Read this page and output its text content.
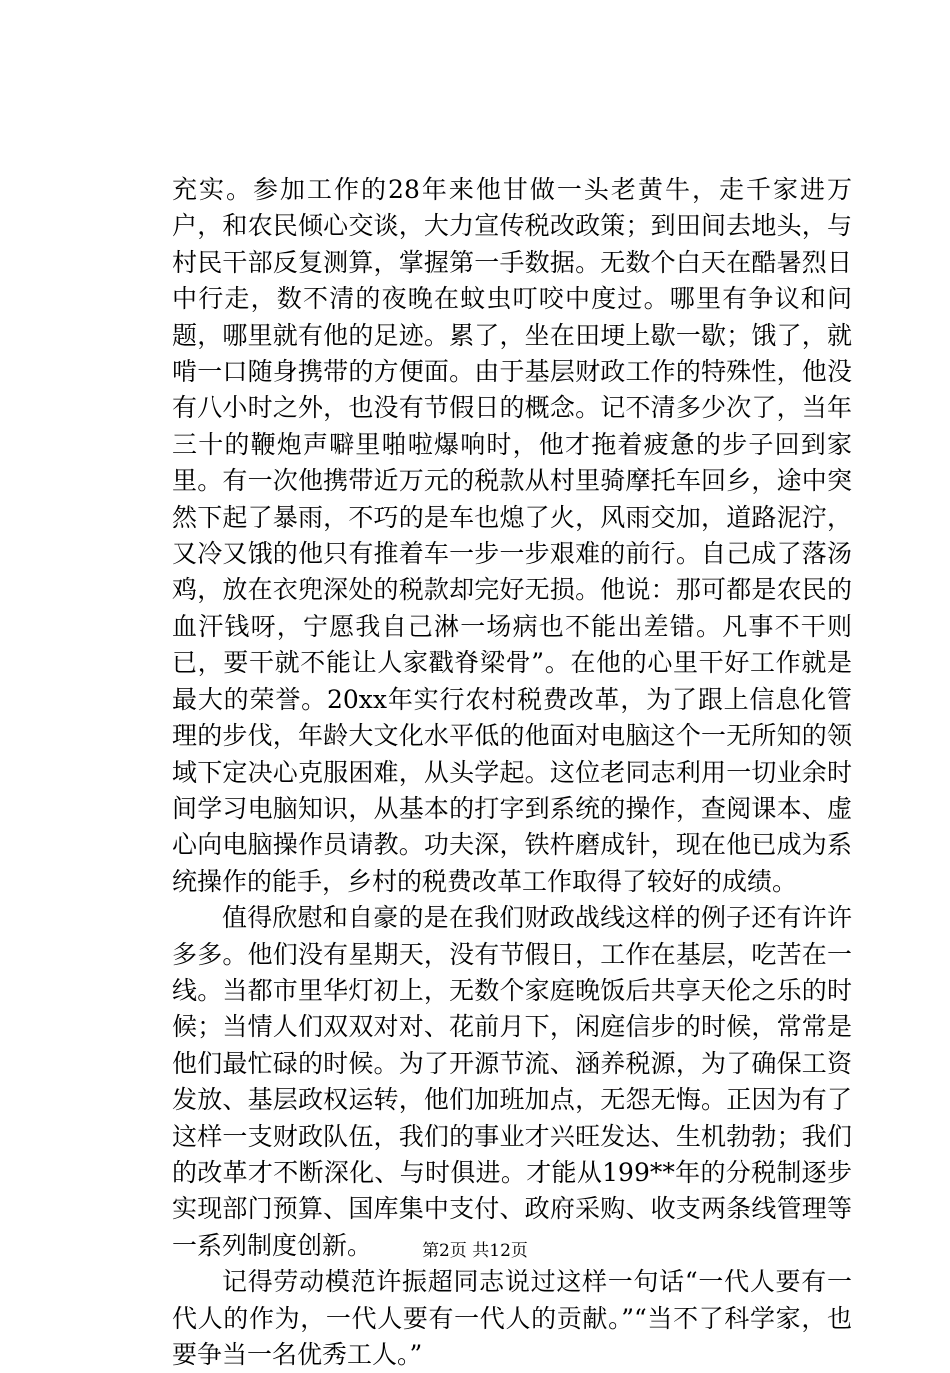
充实。参加工作的28年来他甘做一头老黄牛，走千家进万户，和农民倾心交谈，大力宣传税改政策；到田间去地头，与村民干部反复测算，掌握第一手数据。无数个白天在酷暑烈日中行走，数不清的夜晚在蚊虫叮咬中度过。哪里有争议和问题，哪里就有他的足迹。累了，坐在田埂上歇一歇；饿了，就啃一口随身携带的方便面。由于基层财政工作的特殊性，他没有八小时之外，也没有节假日的概念。记不清多少次了，当年三十的鞭炮声噼里啪啦爆响时，他才拖着疲惫的步子回到家里。有一次他携带近万元的税款从村里骑摩托车回乡，途中突然下起了暴雨，不巧的是车也熄了火，风雨交加，道路泥泞，又冷又饿的他只有推着车一步一步艰难的前行。自己成了落汤鸡，放在衣兜深处的税款却完好无损。他说：那可都是农民的血汗钱呀，宁愿我自己淋一场病也不能出差错。凡事不干则已，要干就不能让人家戳脊梁骨”。在他的心里干好工作就是最大的荣誉。20xx年实行农村税费改革，为了跟上信息化管理的步伐，年龄大文化水平低的他面对电脑这个一无所知的领域下定决心克服困难，从头学起。这位老同志利用一切业余时间学习电脑知识，从基本的打字到系统的操作，查阅课本、虚心向电脑操作员请教。功夫深，铁杵磨成针，现在他已成为系统操作的能手，乡村的税费改革工作取得了较好的成绩。

值得欣慰和自豪的是在我们财政战线这样的例子还有许许多多。他们没有星期天，没有节假日，工作在基层，吃苦在一线。当都市里华灯初上，无数个家庭晚饭后共享天伦之乐的时候；当情人们双双对对、花前月下，闲庭信步的时候，常常是他们最忙碌的时候。为了开源节流、涵养税源，为了确保工资发放、基层政权运转，他们加班加点，无怨无悔。正因为有了这样一支财政队伍，我们的事业才兴旺发达、生机勃勃；我们的改革才不断深化、与时俱进。才能从199**年的分税制逐步实现部门预算、国库集中支付、政府采购、收支两条线管理等一系列制度创新。

记得劳动模范许振超同志说过这样一句话“一代人要有一代人的作为，一代人要有一代人的贡献。”“当不了科学家，也要争当一名优秀工人。”

第2页 共12页
